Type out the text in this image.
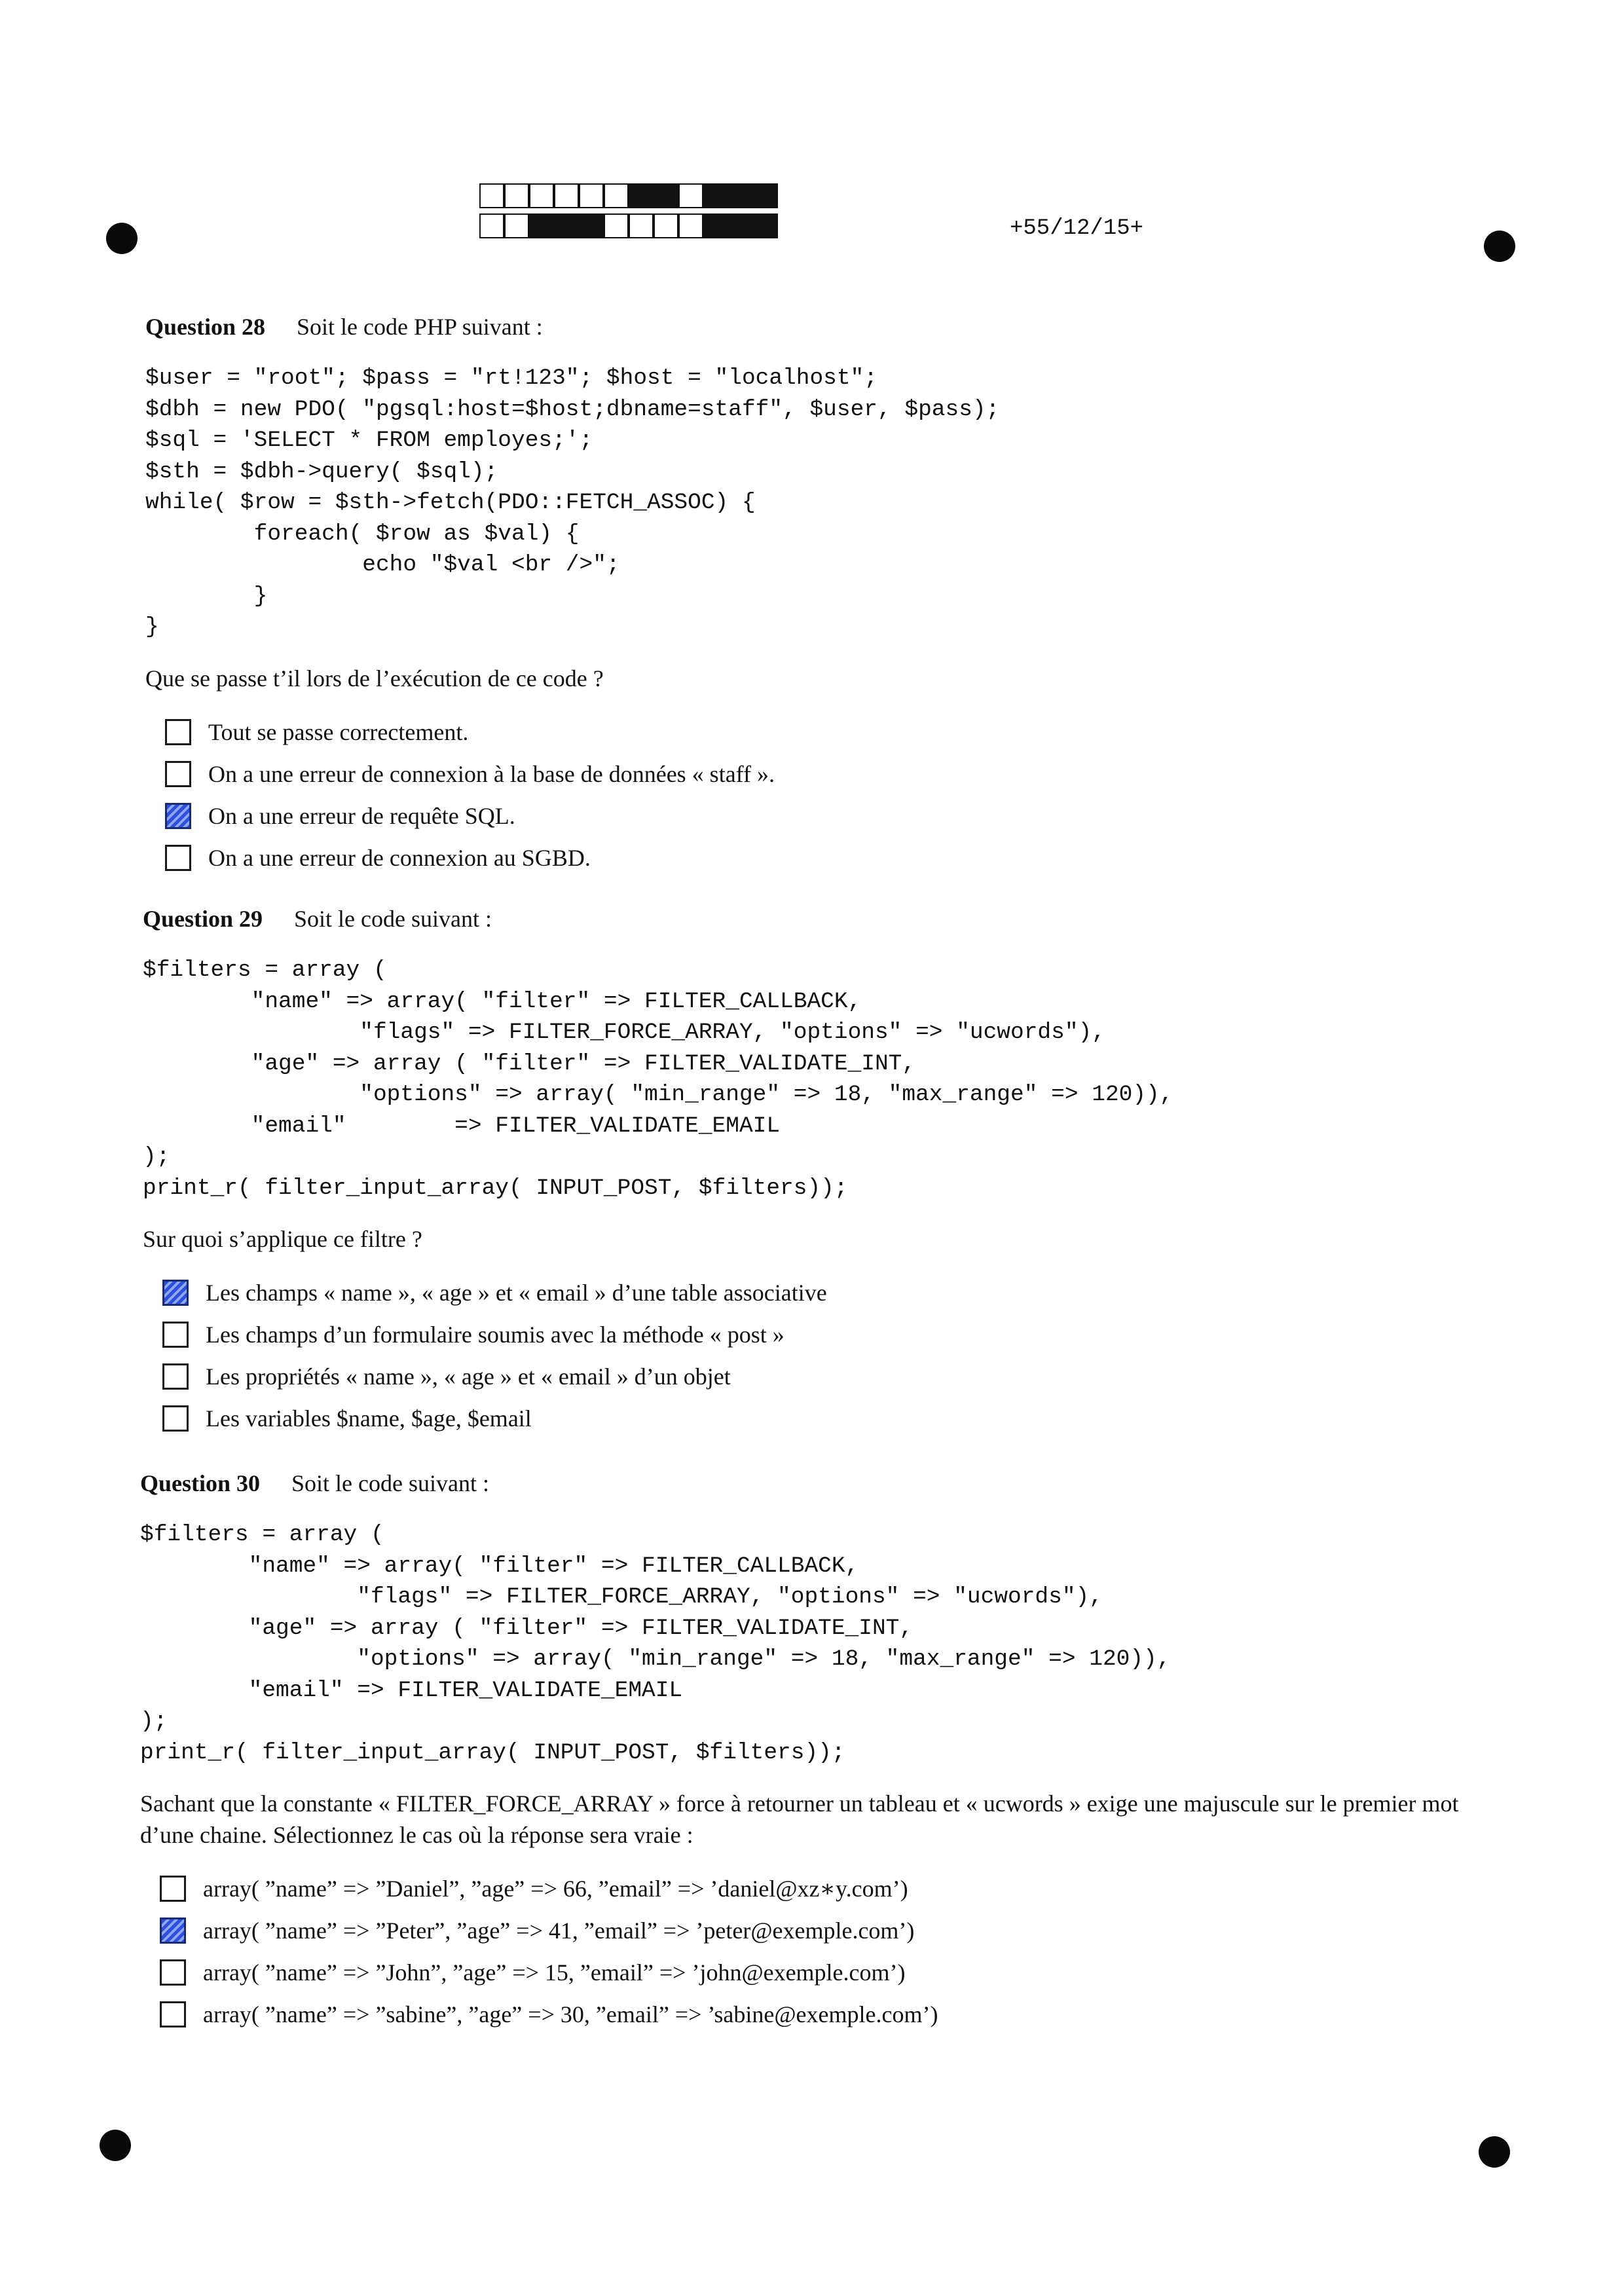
+55/12/15+
Question 28 Soit le code PHP suivant :
$user = "root"; $pass = "rt!123"; $host = "localhost";
$dbh = new PDO( "pgsql:host=$host;dbname=staff", $user, $pass);
$sql = 'SELECT * FROM employes;';
$sth = $dbh->query( $sql);
while( $row = $sth->fetch(PDO::FETCH_ASSOC) {
foreach( $row as $val) {
echo "$val <br />";
}
}
Que se passe t’il lors de l’exécution de ce code ?
Tout se passe correctement.
On a une erreur de connexion à la base de données « staff ».
On a une erreur de requête SQL.
On a une erreur de connexion au SGBD.
Question 29 Soit le code suivant :
$filters = array (
"name" => array( "filter" => FILTER_CALLBACK,
"flags" => FILTER_FORCE_ARRAY, "options" => "ucwords"),
"age" => array ( "filter" => FILTER_VALIDATE_INT,
"options" => array( "min_range" => 18, "max_range" => 120)),
"email"        => FILTER_VALIDATE_EMAIL
);
print_r( filter_input_array( INPUT_POST, $filters));
Sur quoi s’applique ce filtre ?
Les champs « name », « age » et « email » d’une table associative
Les champs d’un formulaire soumis avec la méthode « post »
Les propriétés « name », « age » et « email » d’un objet
Les variables $name, $age, $email
Question 30 Soit le code suivant :
$filters = array (
"name" => array( "filter" => FILTER_CALLBACK,
"flags" => FILTER_FORCE_ARRAY, "options" => "ucwords"),
"age" => array ( "filter" => FILTER_VALIDATE_INT,
"options" => array( "min_range" => 18, "max_range" => 120)),
"email" => FILTER_VALIDATE_EMAIL
);
print_r( filter_input_array( INPUT_POST, $filters));
Sachant que la constante « FILTER_FORCE_ARRAY » force à retourner un tableau et « ucwords » exige une majuscule sur le premier mot d’une chaine. Sélectionnez le cas où la réponse sera vraie :
array( ”name” => ”Daniel”, ”age” => 66, ”email” => ’daniel@xz∗y.com’)
array( ”name” => ”Peter”, ”age” => 41, ”email” => ’peter@exemple.com’)
array( ”name” => ”John”, ”age” => 15, ”email” => ’john@exemple.com’)
array( ”name” => ”sabine”, ”age” => 30, ”email” => ’sabine@exemple.com’)
